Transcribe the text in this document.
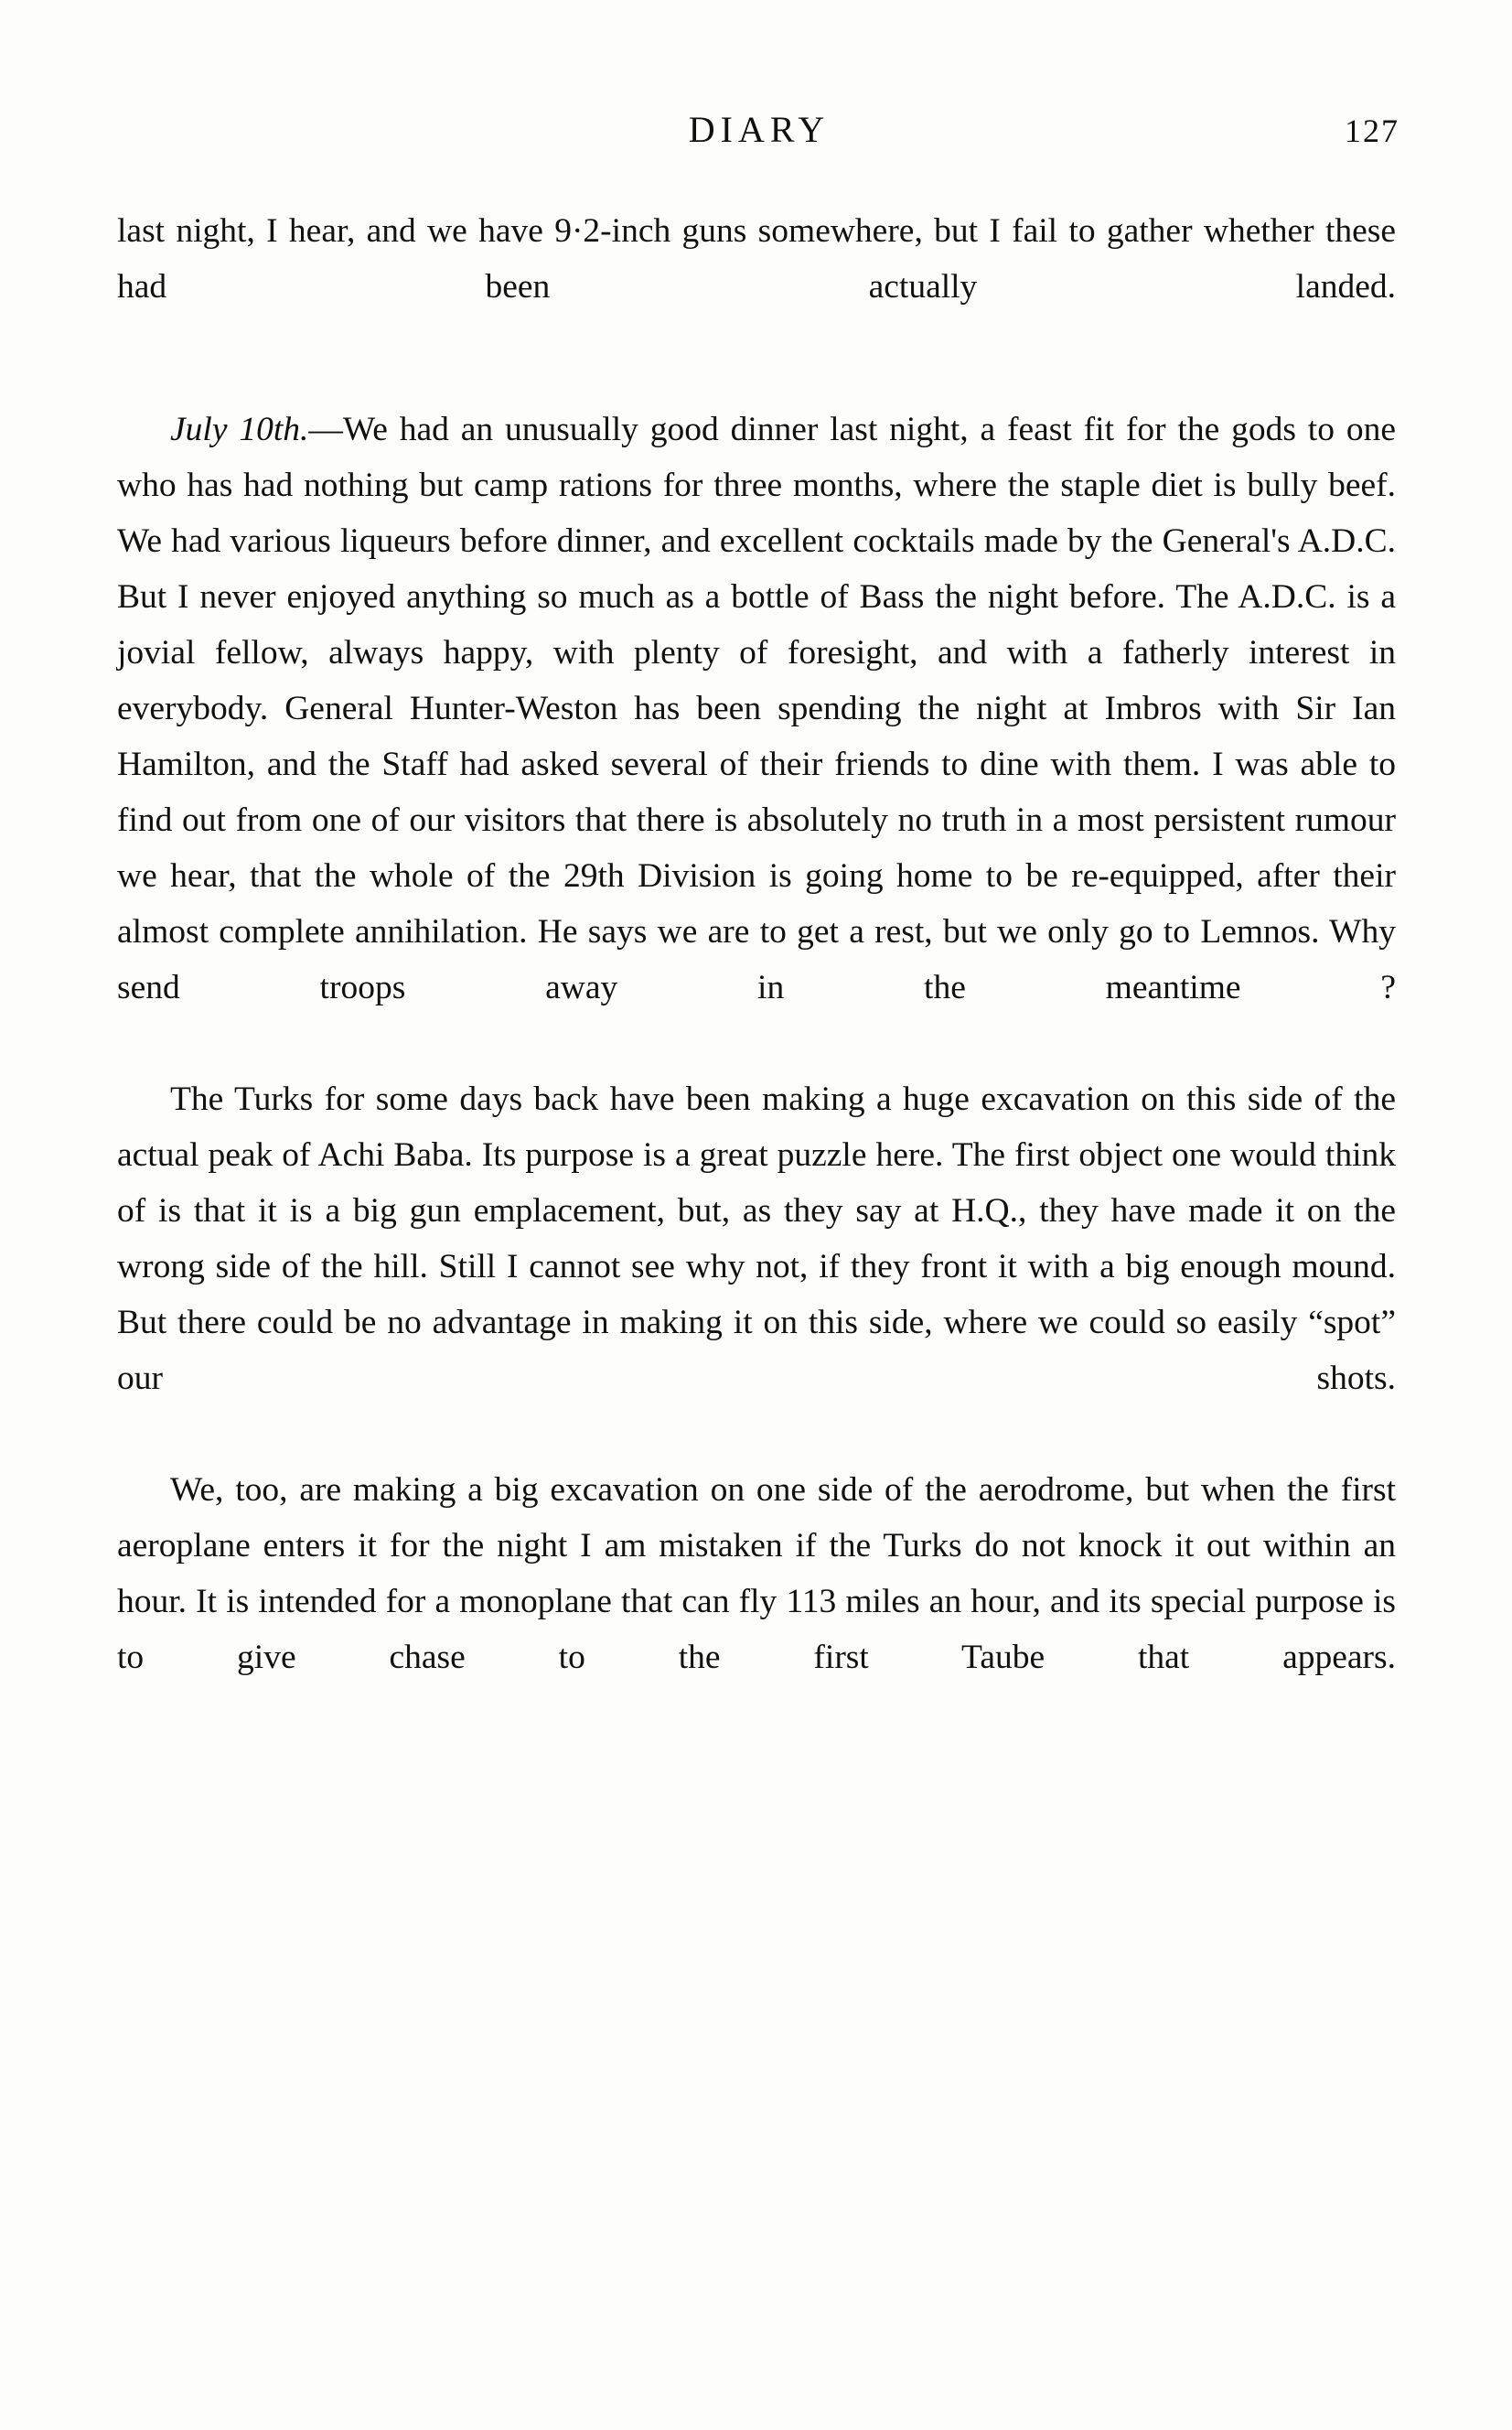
DIARY	127

last night, I hear, and we have 9·2-inch guns somewhere, but I fail to gather whether these had been actually landed.

July 10th.—We had an unusually good dinner last night, a feast fit for the gods to one who has had nothing but camp rations for three months, where the staple diet is bully beef. We had various liqueurs before dinner, and excellent cocktails made by the General's A.D.C. But I never enjoyed anything so much as a bottle of Bass the night before. The A.D.C. is a jovial fellow, always happy, with plenty of foresight, and with a fatherly interest in everybody. General Hunter-Weston has been spending the night at Imbros with Sir Ian Hamilton, and the Staff had asked several of their friends to dine with them. I was able to find out from one of our visitors that there is absolutely no truth in a most persistent rumour we hear, that the whole of the 29th Division is going home to be re-equipped, after their almost complete annihilation. He says we are to get a rest, but we only go to Lemnos. Why send troops away in the meantime ?

The Turks for some days back have been making a huge excavation on this side of the actual peak of Achi Baba. Its purpose is a great puzzle here. The first object one would think of is that it is a big gun emplacement, but, as they say at H.Q., they have made it on the wrong side of the hill. Still I cannot see why not, if they front it with a big enough mound. But there could be no advantage in making it on this side, where we could so easily “spot” our shots.

We, too, are making a big excavation on one side of the aerodrome, but when the first aeroplane enters it for the night I am mistaken if the Turks do not knock it out within an hour. It is intended for a monoplane that can fly 113 miles an hour, and its special purpose is to give chase to the first Taube that appears.
